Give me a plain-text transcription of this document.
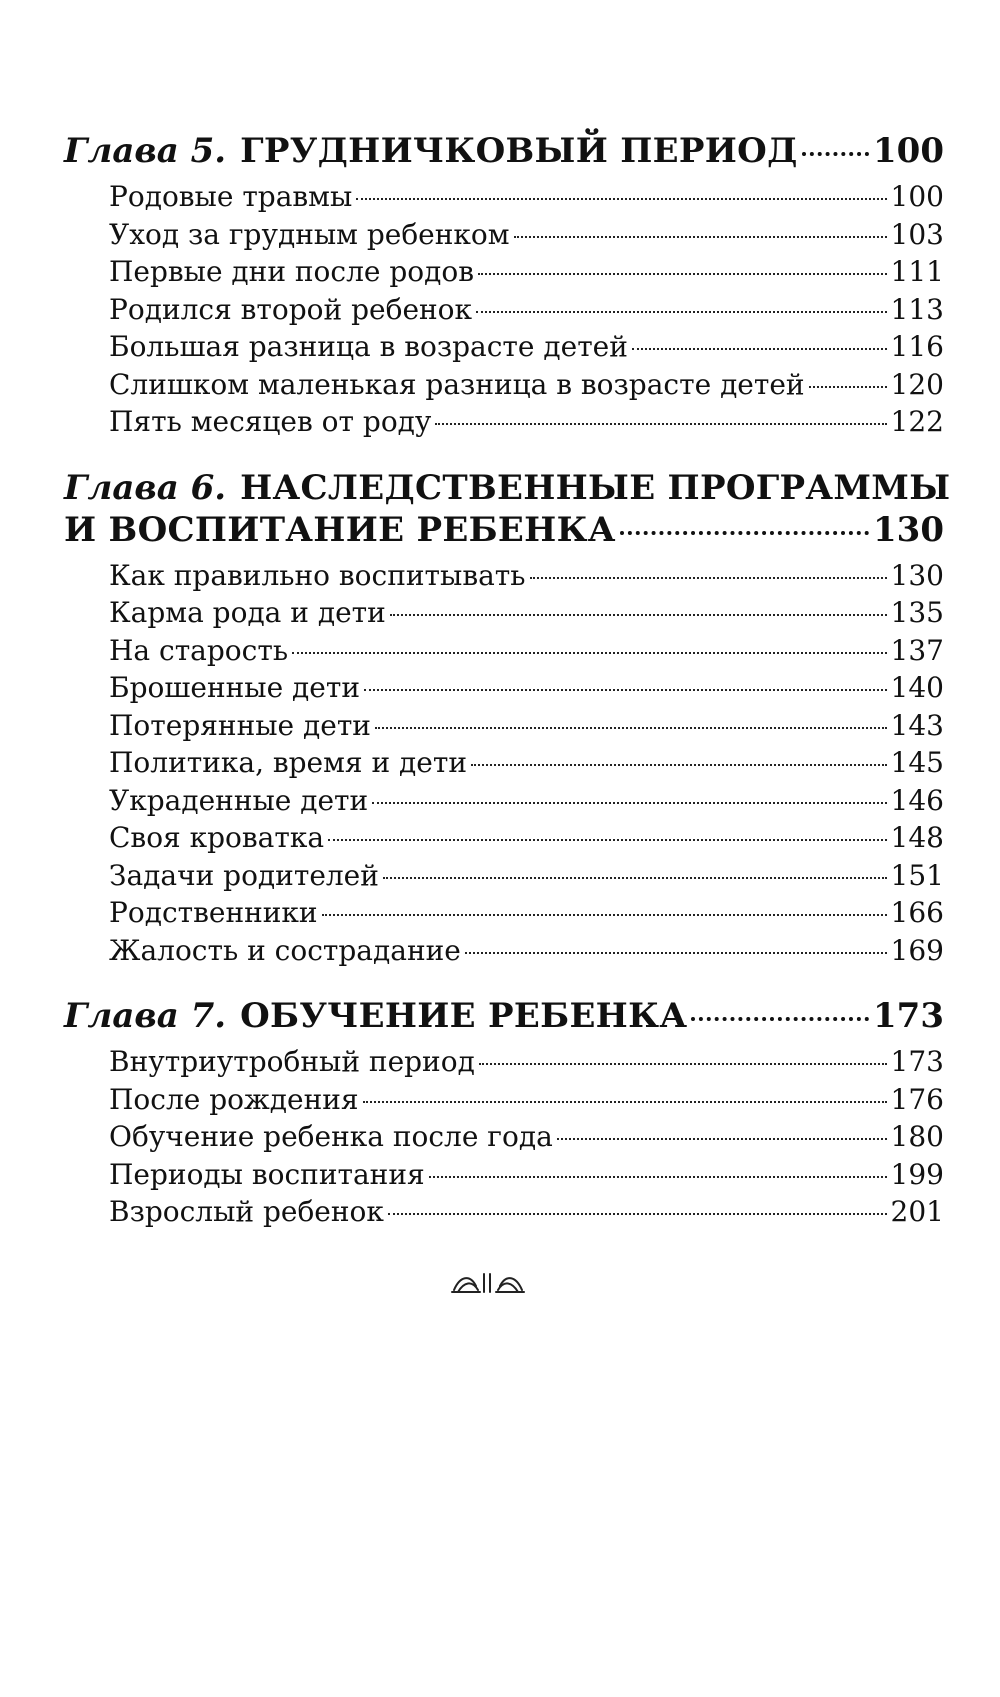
Глава 5. ГРУДНИЧКОВЫЙ ПЕРИОД 100
Родовые травмы	100
Уход за грудным ребенком	103
Первые дни после родов	111
Родился второй ребенок	113
Большая разница в возрасте детей	116
Слишком маленькая разница в возрасте детей	120
Пять месяцев от роду	122
Глава 6. НАСЛЕДСТВЕННЫЕ ПРОГРАММЫ
И ВОСПИТАНИЕ РЕБЕНКА	130
Как правильно воспитывать	130
Карма рода и дети	135
На старость	137
Брошенные дети	140
Потерянные дети	143
Политика, время и дети	145
Украденные дети	146
Своя кроватка	148
Задачи родителей	151
Родственники	166
Жалость и сострадание	169
Глава 7. ОБУЧЕНИЕ РЕБЕНКА	173
Внутриутробный период	173
После рождения	176
Обучение ребенка после года	180
Периоды воспитания	199
Взрослый ребенок	201
